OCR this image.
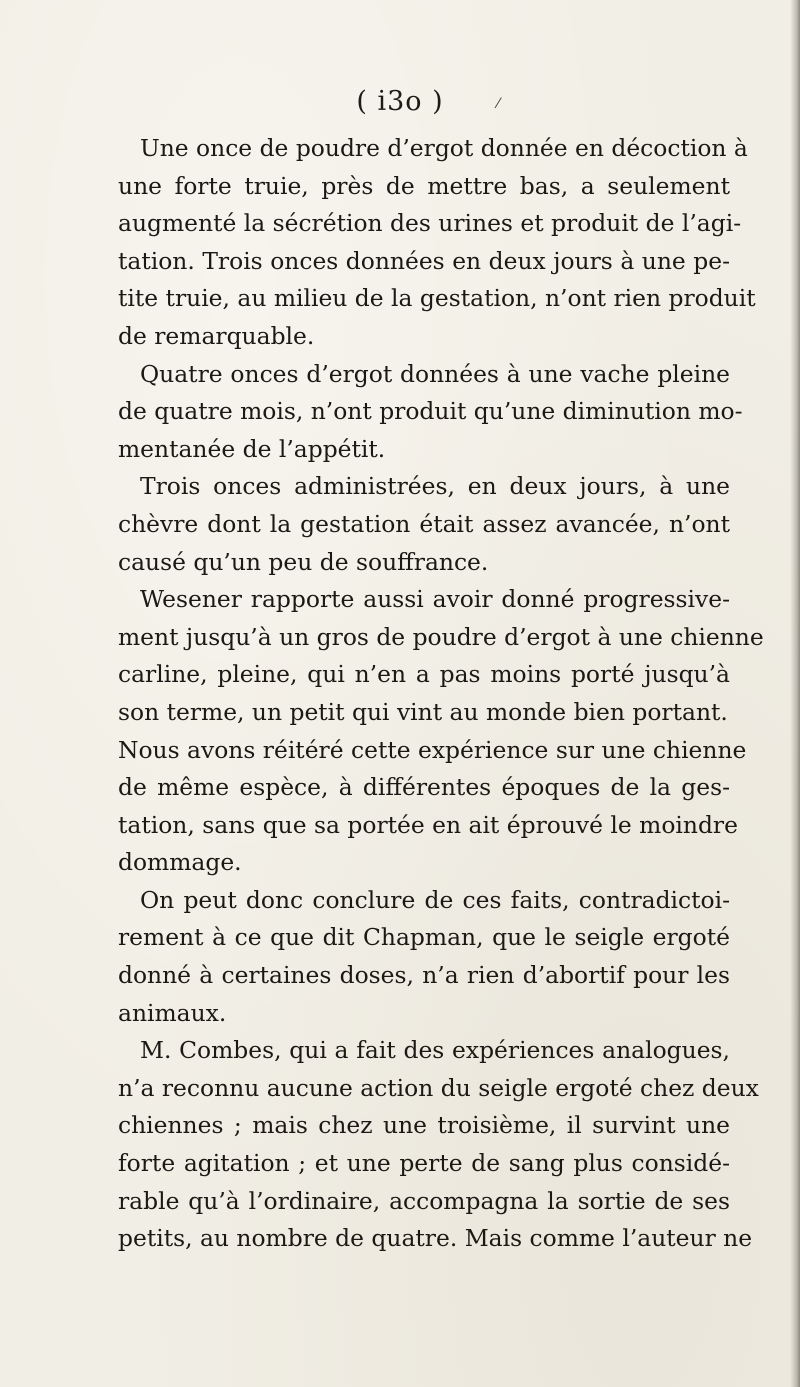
( i3o )
Une once de poudre d’ergot donnée en décoction à
une forte truie, près de mettre bas, a seulement
augmenté la sécrétion des urines et produit de l’agi-
tation. Trois onces données en deux jours à une pe-
tite truie, au milieu de la gestation, n’ont rien produit
de remarquable.
Quatre onces d’ergot données à une vache pleine
de quatre mois, n’ont produit qu’une diminution mo-
mentanée de l’appétit.
Trois onces administrées, en deux jours, à une
chèvre dont la gestation était assez avancée, n’ont
causé qu’un peu de souffrance.
Wesener rapporte aussi avoir donné progressive-
ment jusqu’à un gros de poudre d’ergot à une chienne
carline, pleine, qui n’en a pas moins porté jusqu’à
son terme, un petit qui vint au monde bien portant.
Nous avons réitéré cette expérience sur une chienne
de même espèce, à différentes époques de la ges-
tation, sans que sa portée en ait éprouvé le moindre
dommage.
On peut donc conclure de ces faits, contradictoi-
rement à ce que dit Chapman, que le seigle ergoté
donné à certaines doses, n’a rien d’abortif pour les
animaux.
M. Combes, qui a fait des expériences analogues,
n’a reconnu aucune action du seigle ergoté chez deux
chiennes ; mais chez une troisième, il survint une
forte agitation ; et une perte de sang plus considé-
rable qu’à l’ordinaire, accompagna la sortie de ses
petits, au nombre de quatre. Mais comme l’auteur ne
⁄
